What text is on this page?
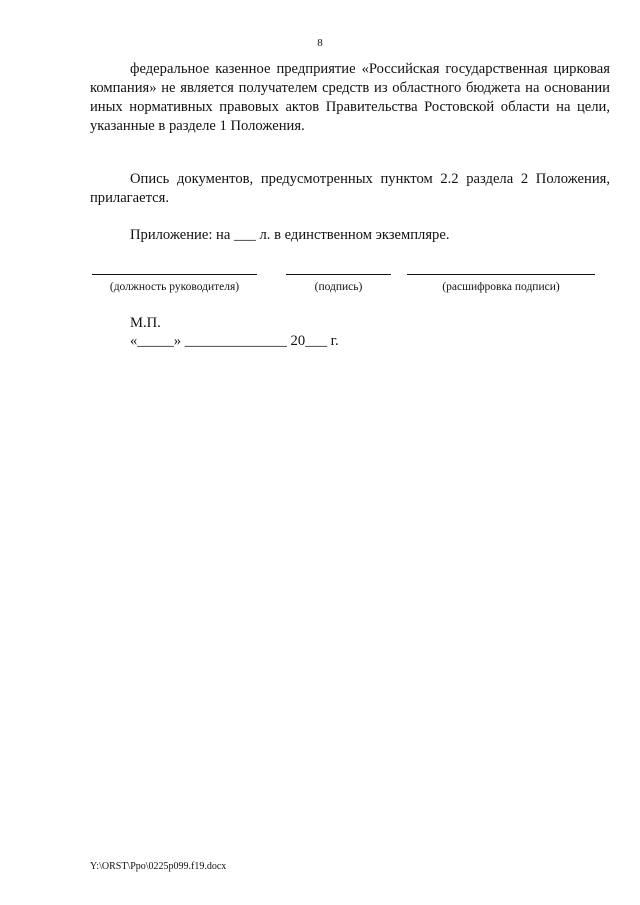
8

федеральное казенное предприятие «Российская государственная цирковая компания» не является получателем средств из областного бюджета на основании иных нормативных правовых актов Правительства Ростовской области на цели, указанные в разделе 1 Положения.

Опись документов, предусмотренных пунктом 2.2 раздела 2 Положения, прилагается.

Приложение: на ___ л. в единственном экземпляре.

(должность руководителя)	(подпись)	(расшифровка подписи)
М.П.
«_____» ______________ 20___ г.
Y:\ORST\Ppo\0225p099.f19.docx
